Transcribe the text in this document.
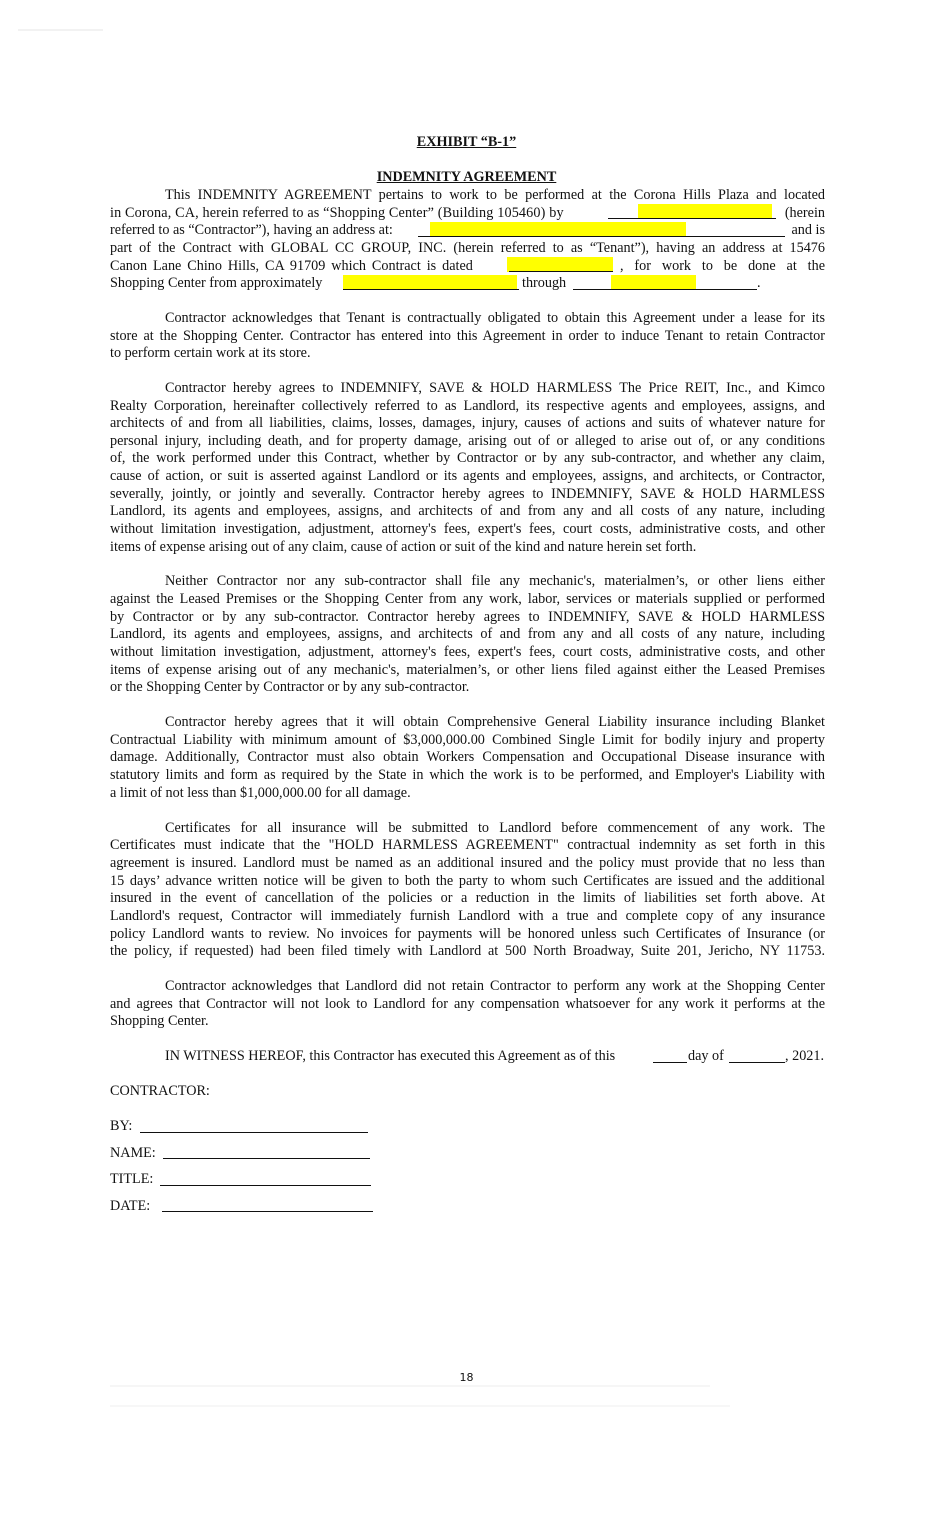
EXHIBIT “B-1”
INDEMNITY AGREEMENT
This INDEMNITY AGREEMENT pertains to work to be performed at the Corona Hills Plaza and located
in Corona, CA, herein referred to as “Shopping Center” (Building 105460) by	(herein
referred to as “Contractor”), having an address at:	and is
part of the Contract with GLOBAL CC GROUP, INC. (herein referred to as “Tenant”), having an address at 15476
Canon Lane Chino Hills, CA 91709 which Contract is dated	, for work to be done at the
Shopping Center from approximately	through	.
Contractor acknowledges that Tenant is contractually obligated to obtain this Agreement under a lease for its
store at the Shopping Center. Contractor has entered into this Agreement in order to induce Tenant to retain Contractor
to perform certain work at its store.
Contractor hereby agrees to INDEMNIFY, SAVE & HOLD HARMLESS The Price REIT, Inc., and Kimco
Realty Corporation, hereinafter collectively referred to as Landlord, its respective agents and employees, assigns, and
architects of and from all liabilities, claims, losses, damages, injury, causes of actions and suits of whatever nature for
personal injury, including death, and for property damage, arising out of or alleged to arise out of, or any conditions
of, the work performed under this Contract, whether by Contractor or by any sub-contractor, and whether any claim,
cause of action, or suit is asserted against Landlord or its agents and employees, assigns, and architects, or Contractor,
severally, jointly, or jointly and severally. Contractor hereby agrees to INDEMNIFY, SAVE & HOLD HARMLESS
Landlord, its agents and employees, assigns, and architects of and from any and all costs of any nature, including
without limitation investigation, adjustment, attorney's fees, expert's fees, court costs, administrative costs, and other
items of expense arising out of any claim, cause of action or suit of the kind and nature herein set forth.
Neither Contractor nor any sub-contractor shall file any mechanic's, materialmen’s, or other liens either
against the Leased Premises or the Shopping Center from any work, labor, services or materials supplied or performed
by Contractor or by any sub-contractor. Contractor hereby agrees to INDEMNIFY, SAVE & HOLD HARMLESS
Landlord, its agents and employees, assigns, and architects of and from any and all costs of any nature, including
without limitation investigation, adjustment, attorney's fees, expert's fees, court costs, administrative costs, and other
items of expense arising out of any mechanic's, materialmen’s, or other liens filed against either the Leased Premises
or the Shopping Center by Contractor or by any sub-contractor.
Contractor hereby agrees that it will obtain Comprehensive General Liability insurance including Blanket
Contractual Liability with minimum amount of $3,000,000.00 Combined Single Limit for bodily injury and property
damage. Additionally, Contractor must also obtain Workers Compensation and Occupational Disease insurance with
statutory limits and form as required by the State in which the work is to be performed, and Employer's Liability with
a limit of not less than $1,000,000.00 for all damage.
Certificates for all insurance will be submitted to Landlord before commencement of any work. The
Certificates must indicate that the "HOLD HARMLESS AGREEMENT" contractual indemnity as set forth in this
agreement is insured. Landlord must be named as an additional insured and the policy must provide that no less than
15 days’ advance written notice will be given to both the party to whom such Certificates are issued and the additional
insured in the event of cancellation of the policies or a reduction in the limits of liabilities set forth above. At
Landlord's request, Contractor will immediately furnish Landlord with a true and complete copy of any insurance
policy Landlord wants to review. No invoices for payments will be honored unless such Certificates of Insurance (or
the policy, if requested) had been filed timely with Landlord at 500 North Broadway, Suite 201, Jericho, NY 11753.
Contractor acknowledges that Landlord did not retain Contractor to perform any work at the Shopping Center
and agrees that Contractor will not look to Landlord for any compensation whatsoever for any work it performs at the
Shopping Center.
IN WITNESS HEREOF, this Contractor has executed this Agreement as of this	day of	, 2021.
CONTRACTOR:
BY:
NAME:
TITLE:
DATE:
18
